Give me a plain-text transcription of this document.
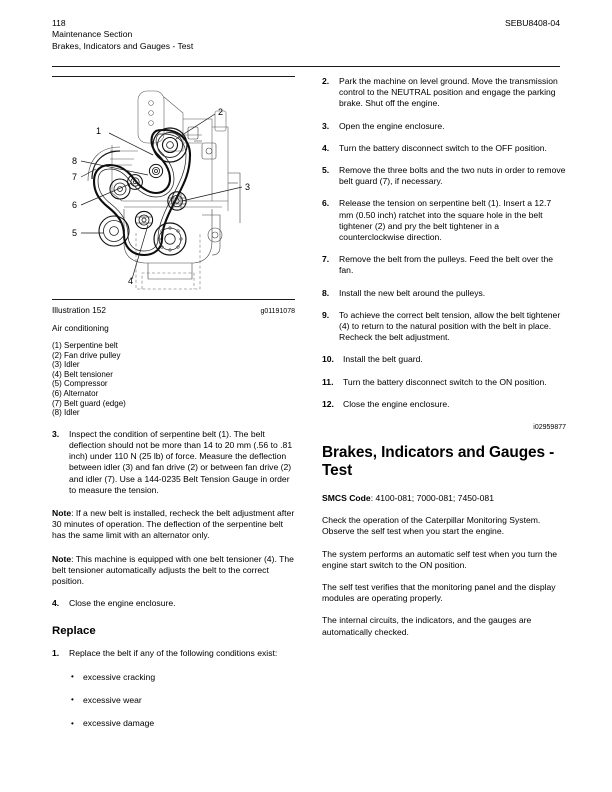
118
Maintenance Section
Brakes, Indicators and Gauges - Test
SEBU8408-04
1
2
3
4
5
6
7
8
Illustration 152	g01191078
Air conditioning
(1) Serpentine belt
(2) Fan drive pulley
(3) Idler
(4) Belt tensioner
(5) Compressor
(6) Alternator
(7) Belt guard (edge)
(8) Idler
3. Inspect the condition of serpentine belt (1). The belt deflection should not be more than 14 to 20 mm (.56 to .81 inch) under 110 N (25 lb) of force. Measure the deflection between idler (3) and fan drive (2) or between fan drive (2) and idler (7). Use a 144-0235 Belt Tension Gauge in order to measure the tension.
Note: If a new belt is installed, recheck the belt adjustment after 30 minutes of operation. The deflection of the serpentine belt has the same limit with an alternator only.
Note: This machine is equipped with one belt tensioner (4). The belt tensioner automatically adjusts the belt to the correct position.
4. Close the engine enclosure.
Replace
1. Replace the belt if any of the following conditions exist:
• excessive cracking
• excessive wear
• excessive damage
2. Park the machine on level ground. Move the transmission control to the NEUTRAL position and engage the parking brake. Shut off the engine.
3. Open the engine enclosure.
4. Turn the battery disconnect switch to the OFF position.
5. Remove the three bolts and the two nuts in order to remove belt guard (7), if necessary.
6. Release the tension on serpentine belt (1). Insert a 12.7 mm (0.50 inch) ratchet into the square hole in the belt tightener (2) and pry the belt tightener in a counterclockwise direction.
7. Remove the belt from the pulleys. Feed the belt over the fan.
8. Install the new belt around the pulleys.
9. To achieve the correct belt tension, allow the belt tightener (4) to return to the natural position with the belt in place. Recheck the belt adjustment.
10. Install the belt guard.
11. Turn the battery disconnect switch to the ON position.
12. Close the engine enclosure.
i02959877
Brakes, Indicators and Gauges - Test
SMCS Code: 4100-081; 7000-081; 7450-081
Check the operation of the Caterpillar Monitoring System. Observe the self test when you start the engine.
The system performs an automatic self test when you turn the engine start switch to the ON position.
The self test verifies that the monitoring panel and the display modules are operating properly.
The internal circuits, the indicators, and the gauges are automatically checked.
